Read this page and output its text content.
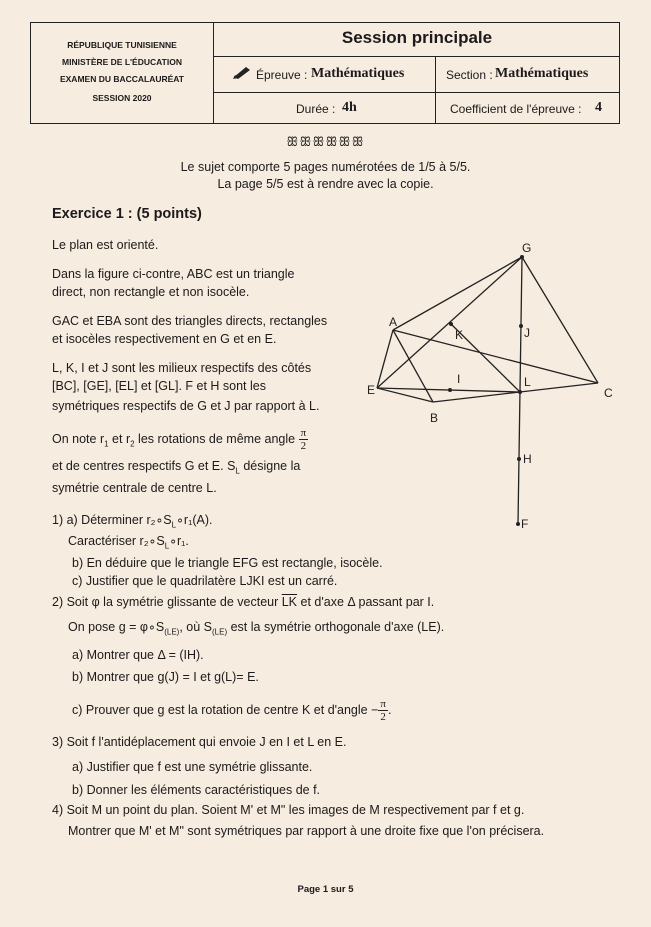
RÉPUBLIQUE TUNISIENNE
MINISTÈRE DE L'ÉDUCATION
EXAMEN DU BACCALAURÉAT
SESSION 2020
Session principale
Épreuve : Mathématiques	Section : Mathématiques
Durée : 4h	Coefficient de l'épreuve : 4
ꕥꕥꕥꕥꕥꕥ
Le sujet comporte 5 pages numérotées de 1/5 à 5/5.
La page 5/5 est à rendre avec la copie.
Exercice 1 : (5 points)
Le plan est orienté.
Dans la figure ci-contre, ABC est un triangle
direct, non rectangle et non isocèle.
GAC et EBA sont des triangles directs, rectangles
et isocèles respectivement en G et en E.
L, K, I et J sont les milieux respectifs des côtés
[BC], [GE], [EL] et [GL]. F et H sont les
symétriques respectifs de G et J par rapport à L.
On note $r_1$ et $r_2$ les rotations de même angle $\frac{\pi}{2}$
et de centres respectifs G et E. $S_L$ désigne la
symétrie centrale de centre L.
1) a) Déterminer $r_2\circ S_L\circ r_1(A)$.
Caractériser $r_2\circ S_L\circ r_1$.
b) En déduire que le triangle EFG est rectangle, isocèle.
c) Justifier que le quadrilatère LJKI est un carré.
2) Soit φ la symétrie glissante de vecteur $\overline{LK}$ et d'axe Δ passant par I.
On pose $g = \varphi\circ S_{(LE)}$, où $S_{(LE)}$ est la symétrie orthogonale d'axe (LE).
a) Montrer que Δ = (IH).
b) Montrer que g(J) = I et g(L)= E.
c) Prouver que g est la rotation de centre K et d'angle − $\frac{\pi}{2}$ .
3) Soit f l'antidéplacement qui envoie J en I et L en E.
a) Justifier que f est une symétrie glissante.
b) Donner les éléments caractéristiques de f.
4) Soit M un point du plan. Soient M' et M" les images de M respectivement par f et g.
Montrer que M' et M" sont symétriques par rapport à une droite fixe que l'on précisera.
G
A
K	J
E
I	L
C
B
H
F
Page 1 sur 5
